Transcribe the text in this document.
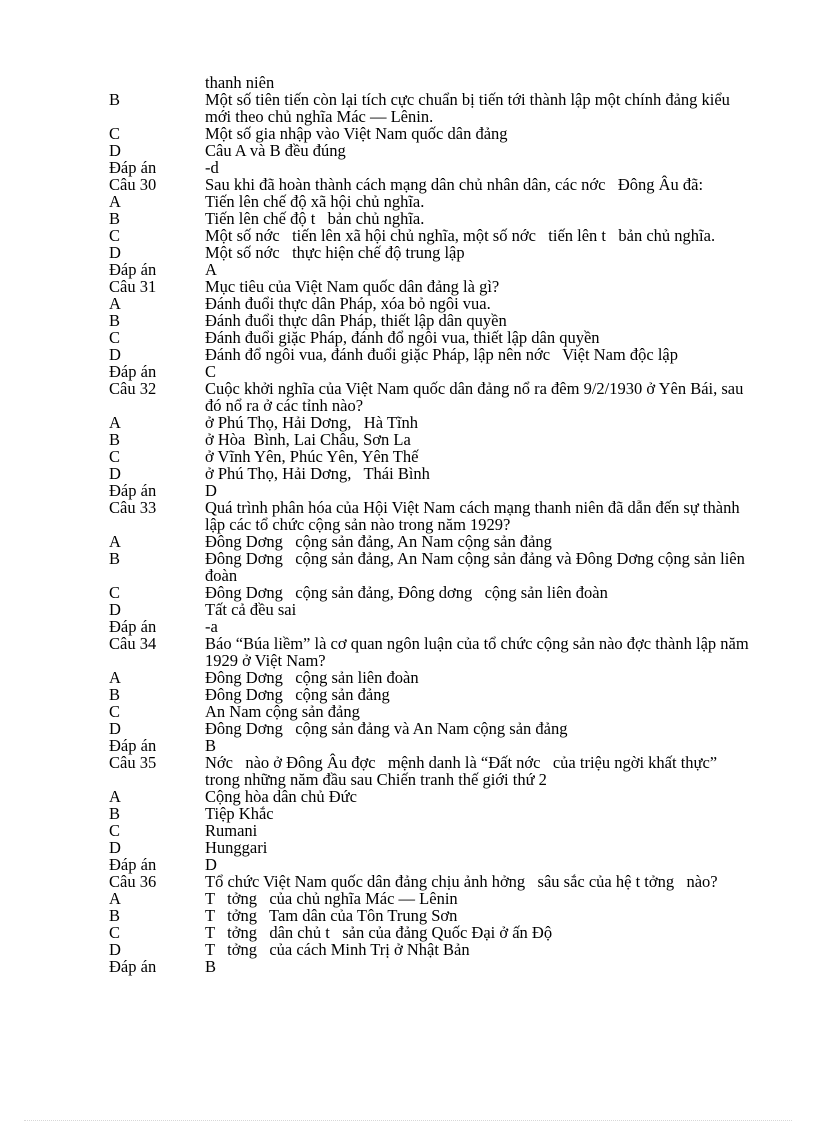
thanh niên
B	Một số tiên tiến còn lại tích cực chuẩn bị tiến tới thành lập một chính đảng kiểu mới theo chủ nghĩa Mác — Lênin.
C	Một số gia nhập vào Việt Nam quốc dân đảng
D	Câu A và B đều đúng
Đáp án	-d
Câu 30	Sau khi đã hoàn thành cách mạng dân chủ nhân dân, các nớc   Đông Âu đã:
A	Tiến lên chế độ xã hội chủ nghĩa.
B	Tiến lên chế độ t   bản chủ nghĩa.
C	Một số nớc   tiến lên xã hội chủ nghĩa, một số nớc   tiến lên t   bản chủ nghĩa.
D	Một số nớc   thực hiện chế độ trung lập
Đáp án	A
Câu 31	Mục tiêu của Việt Nam quốc dân đảng là gì?
A	Đánh đuổi thực dân Pháp, xóa bỏ ngôi vua.
B	Đánh đuổi thực dân Pháp, thiết lập dân quyền
C	Đánh đuổi giặc Pháp, đánh đổ ngôi vua, thiết lập dân quyền
D	Đánh đổ ngôi vua, đánh đuổi giặc Pháp, lập nên nớc   Việt Nam độc lập
Đáp án	C
Câu 32	Cuộc khởi nghĩa của Việt Nam quốc dân đảng nổ ra đêm 9/2/1930 ở Yên Bái, sau đó nổ ra ở các tỉnh nào?
A	ở Phú Thọ, Hải Dơng,   Hà Tĩnh
B	ở Hòa  Bình, Lai Châu, Sơn La
C	ở Vĩnh Yên, Phúc Yên, Yên Thế
D	ở Phú Thọ, Hải Dơng,   Thái Bình
Đáp án	D
Câu 33	Quá trình phân hóa của Hội Việt Nam cách mạng thanh niên đã dẫn đến sự thành lập các tổ chức cộng sản nào trong năm 1929?
A	Đông Dơng   cộng sản đảng, An Nam cộng sản đảng
B	Đông Dơng   cộng sản đảng, An Nam cộng sản đảng và Đông Dơng cộng sản liên đoàn
C	Đông Dơng   cộng sản đảng, Đông dơng   cộng sản liên đoàn
D	Tất cả đều sai
Đáp án	-a
Câu 34	Báo “Búa liềm” là cơ quan ngôn luận của tổ chức cộng sản nào đợc thành lập năm 1929 ở Việt Nam?
A	Đông Dơng   cộng sản liên đoàn
B	Đông Dơng   cộng sản đảng
C	An Nam cộng sản đảng
D	Đông Dơng   cộng sản đảng và An Nam cộng sản đảng
Đáp án	B
Câu 35	Nớc   nào ở Đông Âu đợc   mệnh danh là “Đất nớc   của triệu ngời khất thực” trong những năm đầu sau Chiến tranh thế giới thứ 2
A	Cộng hòa dân chủ Đức
B	Tiệp Khắc
C	Rumani
D	Hunggari
Đáp án	D
Câu 36	Tổ chức Việt Nam quốc dân đảng chịu ảnh hởng   sâu sắc của hệ t tởng   nào?
A	T   tởng   của chủ nghĩa Mác — Lênin
B	T   tởng   Tam dân của Tôn Trung Sơn
C	T   tởng   dân chủ t   sản của đảng Quốc Đại ở ấn Độ
D	T   tởng   của cách Minh Trị ở Nhật Bản
Đáp án	B
